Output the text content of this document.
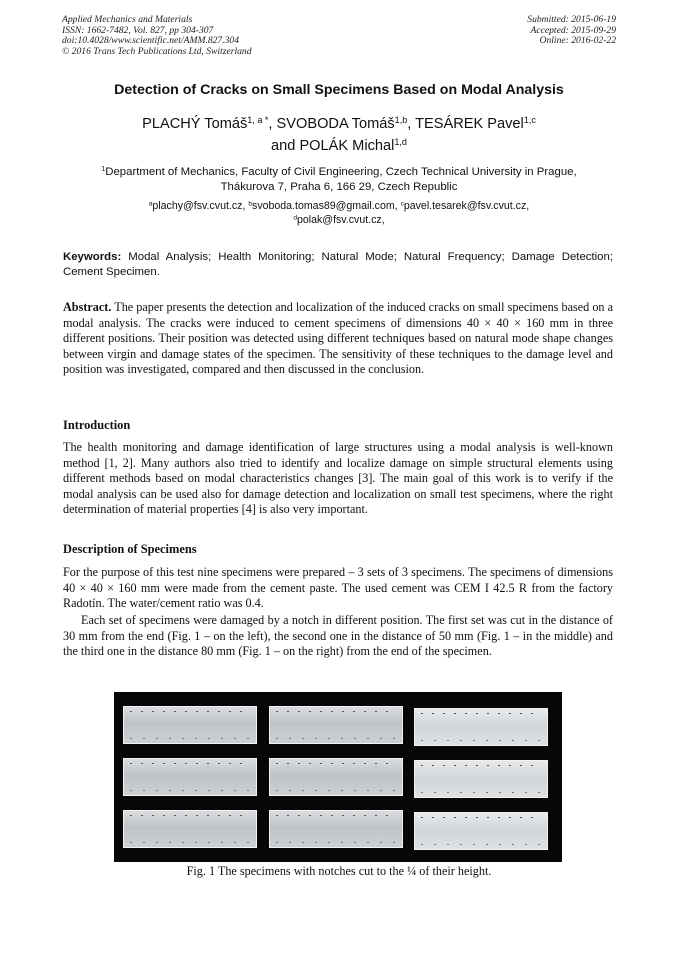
Applied Mechanics and Materials
ISSN: 1662-7482, Vol. 827, pp 304-307
doi:10.4028/www.scientific.net/AMM.827.304
© 2016 Trans Tech Publications Ltd, Switzerland
Submitted: 2015-06-19
Accepted: 2015-09-29
Online: 2016-02-22
Detection of Cracks on Small Specimens Based on Modal Analysis
PLACHÝ Tomáš$^{1, a *}$, SVOBODA Tomáš$^{1,b}$, TESÁREK Pavel$^{1,c}$
and POLÁK Michal$^{1,d}$
$^1$Department of Mechanics, Faculty of Civil Engineering, Czech Technical University in Prague,
Thákurova 7, Praha 6, 166 29, Czech Republic
$^a$plachy@fsv.cvut.cz, $^b$svoboda.tomas89@gmail.com, $^c$pavel.tesarek@fsv.cvut.cz,
$^d$polak@fsv.cvut.cz,
Keywords: Modal Analysis; Health Monitoring; Natural Mode; Natural Frequency; Damage Detection; Cement Specimen.
Abstract. The paper presents the detection and localization of the induced cracks on small specimens based on a modal analysis. The cracks were induced to cement specimens of dimensions 40 × 40 × 160 mm in three different positions. Their position was detected using different techniques based on natural mode shape changes between virgin and damage states of the specimen. The sensitivity of these techniques to the damage level and position was investigated, compared and then discussed in the conclusion.
Introduction
The health monitoring and damage identification of large structures using a modal analysis is well-known method [1, 2]. Many authors also tried to identify and localize damage on simple structural elements using different methods based on modal characteristics changes [3]. The main goal of this work is to verify if the modal analysis can be used also for damage detection and localization on small test specimens, where the right determination of material properties [4] is also very important.
Description of Specimens
For the purpose of this test nine specimens were prepared – 3 sets of 3 specimens. The specimens of dimensions 40 × 40 × 160 mm were made from the cement paste. The used cement was CEM I 42.5 R from the factory Radotín. The water/cement ratio was 0.4.
Each set of specimens were damaged by a notch in different position. The first set was cut in the distance of 30 mm from the end (Fig. 1 – on the left), the second one in the distance of 50 mm (Fig. 1 – in the middle) and the third one in the distance 80 mm (Fig. 1 – on the right) from the end of the specimen.
Fig. 1 The specimens with notches cut to the ¼ of their height.
